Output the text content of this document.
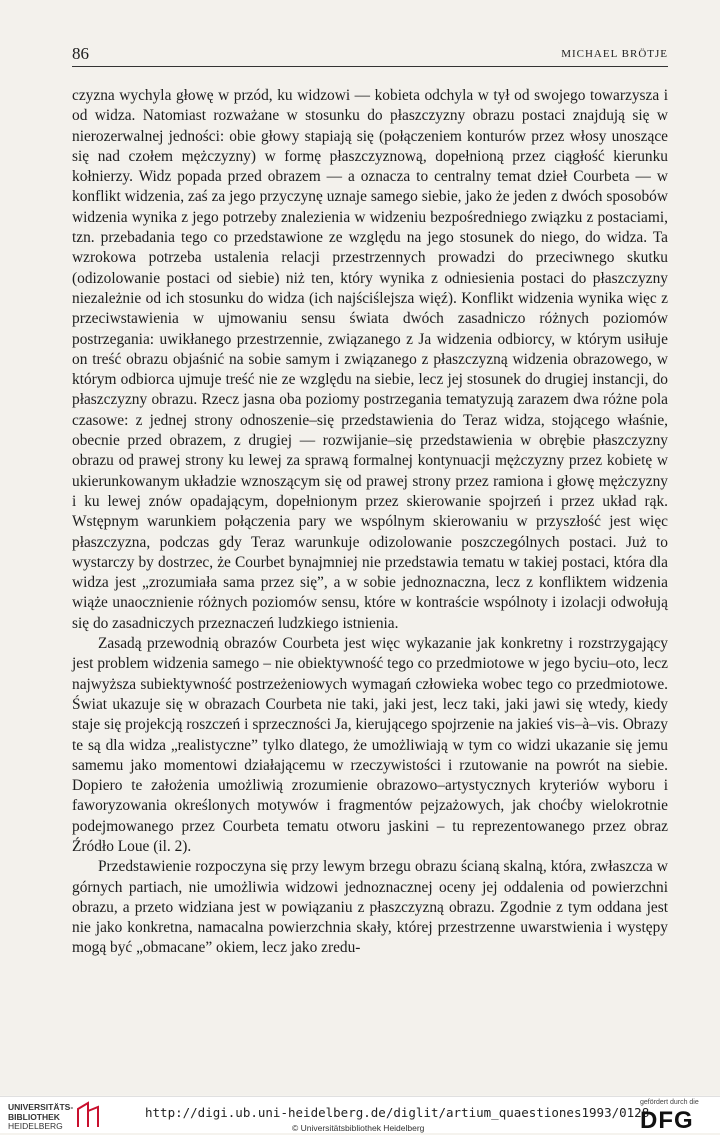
86	MICHAEL BRÖTJE

czyzna wychyla głowę w przód, ku widzowi — kobieta odchyla w tył od swojego towarzysza i od widza. Natomiast rozważane w stosunku do płaszczyzny obrazu postaci znajdują się w nierozerwalnej jedności: obie głowy stapiają się (połączeniem konturów przez włosy unoszące się nad czołem mężczyzny) w formę płaszczyznową, dopełnioną przez ciągłość kierunku kołnierzy. Widz popada przed obrazem — a oznacza to centralny temat dzieł Courbeta — w konflikt widzenia, zaś za jego przyczynę uznaje samego siebie, jako że jeden z dwóch sposobów widzenia wynika z jego potrzeby znalezienia w widzeniu bezpośredniego związku z postaciami, tzn. przebadania tego co przedstawione ze względu na jego stosunek do niego, do widza. Ta wzrokowa potrzeba ustalenia relacji przestrzennych prowadzi do przeciwnego skutku (odizolowanie postaci od siebie) niż ten, który wynika z odniesienia postaci do płaszczyzny niezależnie od ich stosunku do widza (ich najściślejsza więź). Konflikt widzenia wynika więc z przeciwstawienia w ujmowaniu sensu świata dwóch zasadniczo różnych poziomów postrzegania: uwikłanego przestrzennie, związanego z Ja widzenia odbiorcy, w którym usiłuje on treść obrazu objaśnić na sobie samym i związanego z płaszczyzną widzenia obrazowego, w którym odbiorca ujmuje treść nie ze względu na siebie, lecz jej stosunek do drugiej instancji, do płaszczyzny obrazu. Rzecz jasna oba poziomy postrzegania tematyzują zarazem dwa różne pola czasowe: z jednej strony odnoszenie–się przedstawienia do Teraz widza, stojącego właśnie, obecnie przed obrazem, z drugiej — rozwijanie–się przedstawienia w obrębie płaszczyzny obrazu od prawej strony ku lewej za sprawą formalnej kontynuacji mężczyzny przez kobietę w ukierunkowanym układzie wznoszącym się od prawej strony przez ramiona i głowę mężczyzny i ku lewej znów opadającym, dopełnionym przez skierowanie spojrzeń i przez układ rąk. Wstępnym warunkiem połączenia pary we wspólnym skierowaniu w przyszłość jest więc płaszczyzna, podczas gdy Teraz warunkuje odizolowanie poszczególnych postaci. Już to wystarczy by dostrzec, że Courbet bynajmniej nie przedstawia tematu w takiej postaci, która dla widza jest „zrozumiała sama przez się”, a w sobie jednoznaczna, lecz z konfliktem widzenia wiąże unaocznienie różnych poziomów sensu, które w kontraście wspólnoty i izolacji odwołują się do zasadniczych przeznaczeń ludzkiego istnienia.

Zasadą przewodnią obrazów Courbeta jest więc wykazanie jak konkretny i rozstrzygający jest problem widzenia samego – nie obiektywność tego co przedmiotowe w jego byciu–oto, lecz najwyższa subiektywność postrzeżeniowych wymagań człowieka wobec tego co przedmiotowe. Świat ukazuje się w obrazach Courbeta nie taki, jaki jest, lecz taki, jaki jawi się wtedy, kiedy staje się projekcją roszczeń i sprzeczności Ja, kierującego spojrzenie na jakieś vis–à–vis. Obrazy te są dla widza „realistyczne” tylko dlatego, że umożliwiają w tym co widzi ukazanie się jemu samemu jako momentowi działającemu w rzeczywistości i rzutowanie na powrót na siebie. Dopiero te założenia umożliwią zrozumienie obrazowo–artystycznych kryteriów wyboru i faworyzowania określonych motywów i fragmentów pejzażowych, jak choćby wielokrotnie podejmowanego przez Courbeta tematu otworu jaskini – tu reprezentowanego przez obraz Źródło Loue (il. 2).

Przedstawienie rozpoczyna się przy lewym brzegu obrazu ścianą skalną, która, zwłaszcza w górnych partiach, nie umożliwia widzowi jednoznacznej oceny jej oddalenia od powierzchni obrazu, a przeto widziana jest w powiązaniu z płaszczyzną obrazu. Zgodnie z tym oddana jest nie jako konkretna, namacalna powierzchnia skały, której przestrzenne uwarstwienia i występy mogą być „obmacane” okiem, lecz jako zredu-

UNIVERSITÄTS-
BIBLIOTHEK
HEIDELBERG
http://digi.ub.uni-heidelberg.de/diglit/artium_quaestiones1993/0128
© Universitätsbibliothek Heidelberg
gefördert durch die
DFG
